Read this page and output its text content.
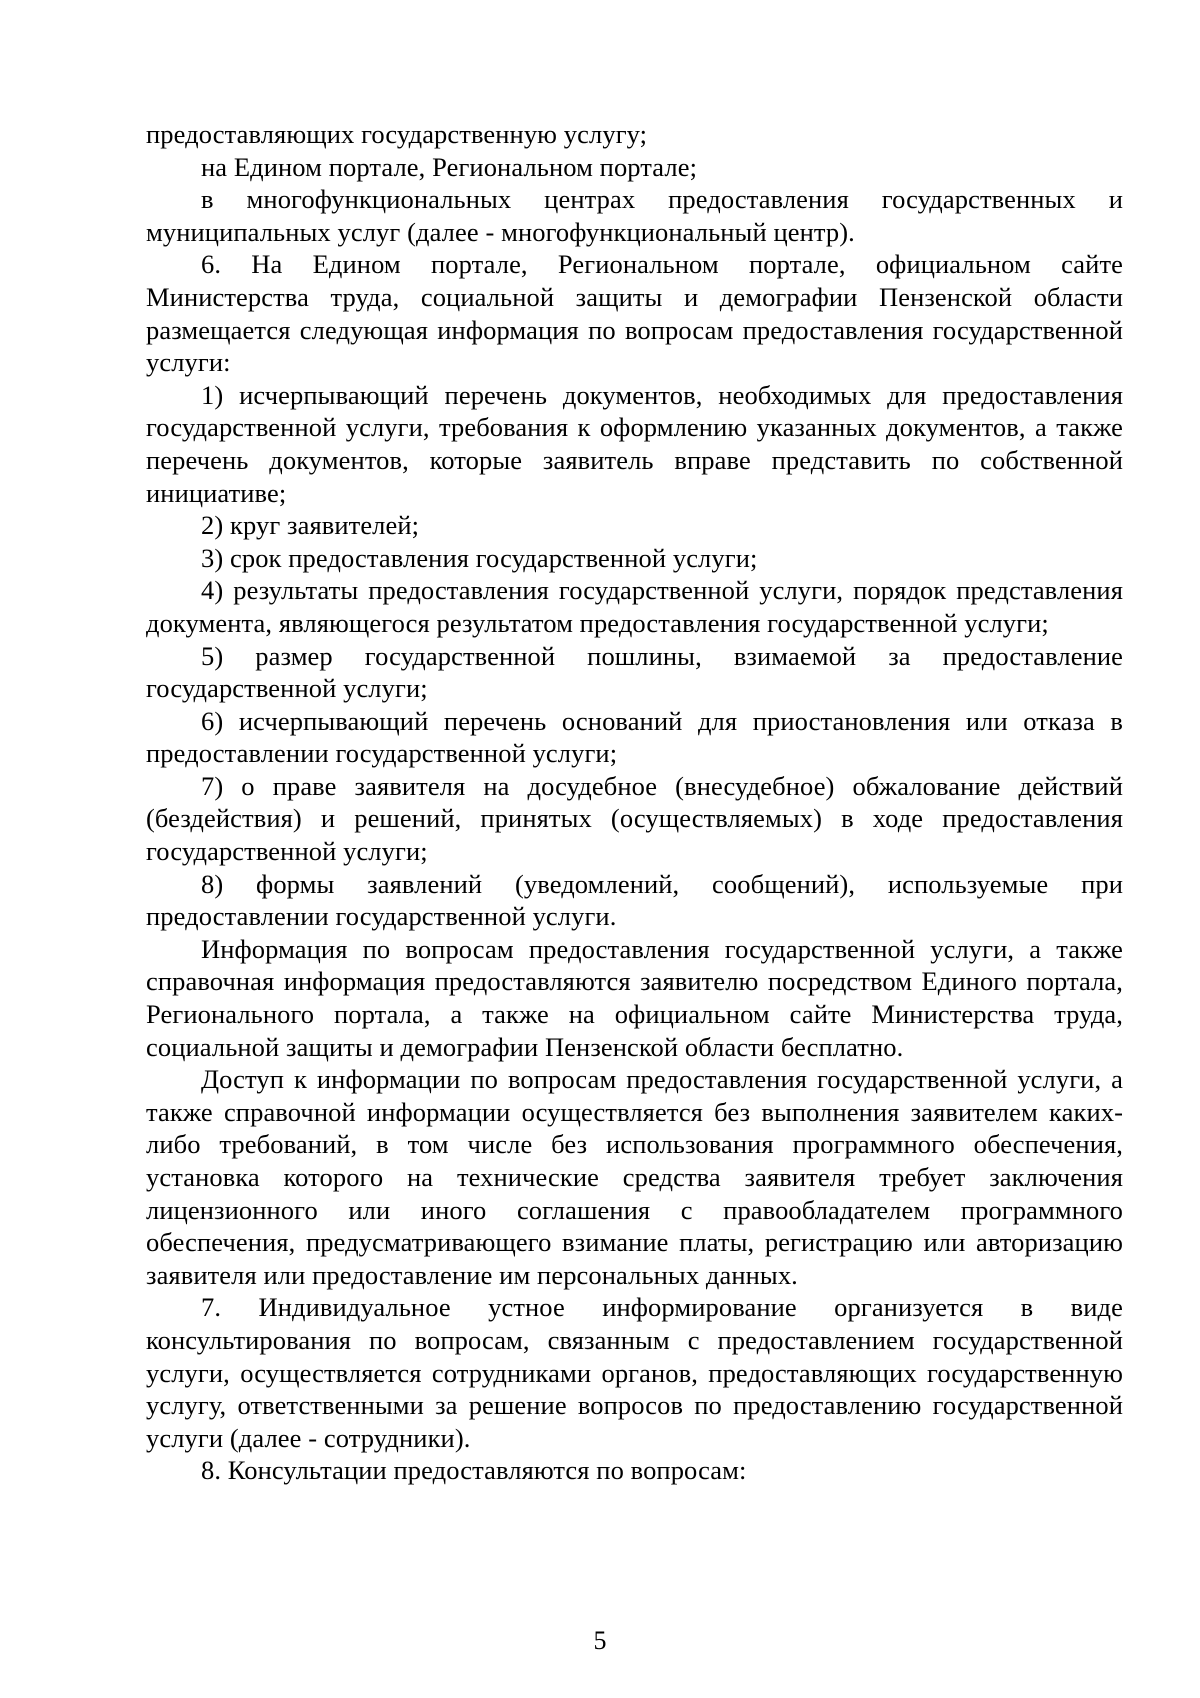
предоставляющих государственную услугу;

на Едином портале, Региональном портале;

в многофункциональных центрах предоставления государственных и муниципальных услуг (далее - многофункциональный центр).

6. На Едином портале, Региональном портале, официальном сайте Министерства труда, социальной защиты и демографии Пензенской области размещается следующая информация по вопросам предоставления государственной услуги:

1) исчерпывающий перечень документов, необходимых для предоставления государственной услуги, требования к оформлению указанных документов, а также перечень документов, которые заявитель вправе представить по собственной инициативе;

2) круг заявителей;

3) срок предоставления государственной услуги;

4) результаты предоставления государственной услуги, порядок представления документа, являющегося результатом предоставления государственной услуги;

5) размер государственной пошлины, взимаемой за предоставление государственной услуги;

6) исчерпывающий перечень оснований для приостановления или отказа в предоставлении государственной услуги;

7) о праве заявителя на досудебное (внесудебное) обжалование действий (бездействия) и решений, принятых (осуществляемых) в ходе предоставления государственной услуги;

8) формы заявлений (уведомлений, сообщений), используемые при предоставлении государственной услуги.

Информация по вопросам предоставления государственной услуги, а также справочная информация предоставляются заявителю посредством Единого портала, Регионального портала, а также на официальном сайте Министерства труда, социальной защиты и демографии Пензенской области бесплатно.

Доступ к информации по вопросам предоставления государственной услуги, а также справочной информации осуществляется без выполнения заявителем каких-либо требований, в том числе без использования программного обеспечения, установка которого на технические средства заявителя требует заключения лицензионного или иного соглашения с правообладателем программного обеспечения, предусматривающего взимание платы, регистрацию или авторизацию заявителя или предоставление им персональных данных.

7. Индивидуальное устное информирование организуется в виде консультирования по вопросам, связанным с предоставлением государственной услуги, осуществляется сотрудниками органов, предоставляющих государственную услугу, ответственными за решение вопросов по предоставлению государственной услуги (далее - сотрудники).

8. Консультации предоставляются по вопросам:

5
